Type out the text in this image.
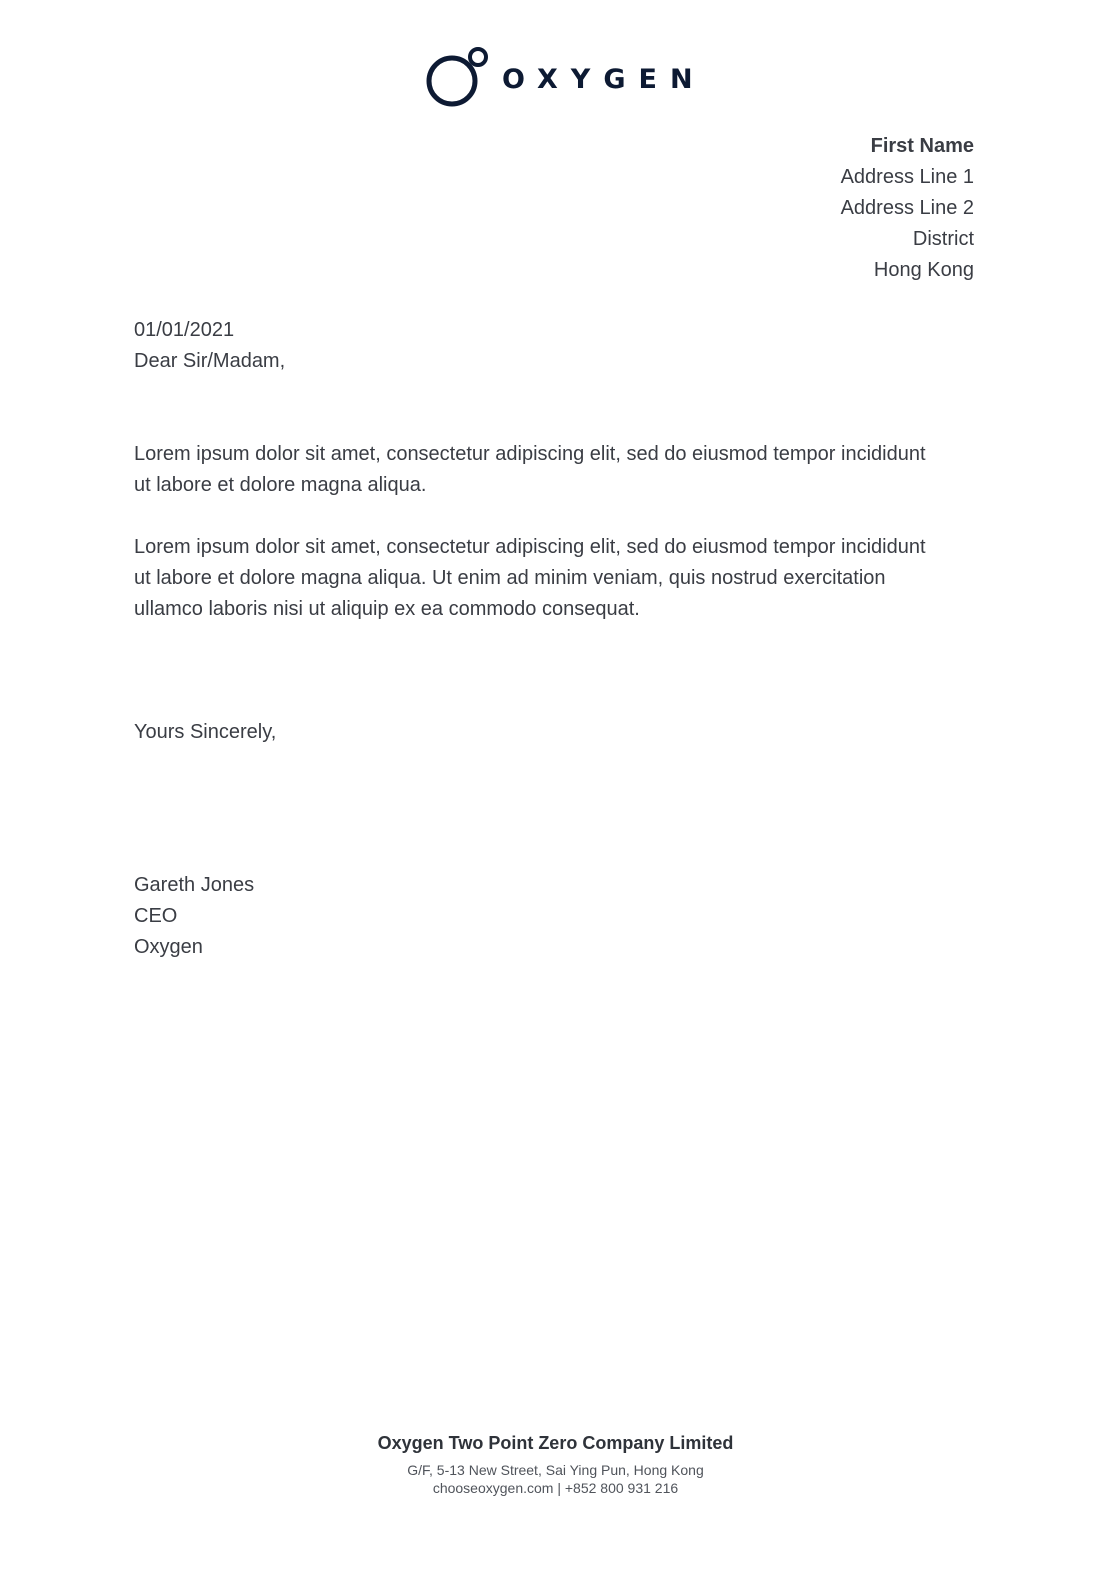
OXYGEN
First Name
Address Line 1
Address Line 2
District
Hong Kong
01/01/2021
Dear Sir/Madam,
Lorem ipsum dolor sit amet, consectetur adipiscing elit, sed do eiusmod tempor incididunt
ut labore et dolore magna aliqua.
Lorem ipsum dolor sit amet, consectetur adipiscing elit, sed do eiusmod tempor incididunt
ut labore et dolore magna aliqua. Ut enim ad minim veniam, quis nostrud exercitation
ullamco laboris nisi ut aliquip ex ea commodo consequat.
Yours Sincerely,
Gareth Jones
CEO
Oxygen
Oxygen Two Point Zero Company Limited
G/F, 5-13 New Street, Sai Ying Pun, Hong Kong
chooseoxygen.com | +852 800 931 216
